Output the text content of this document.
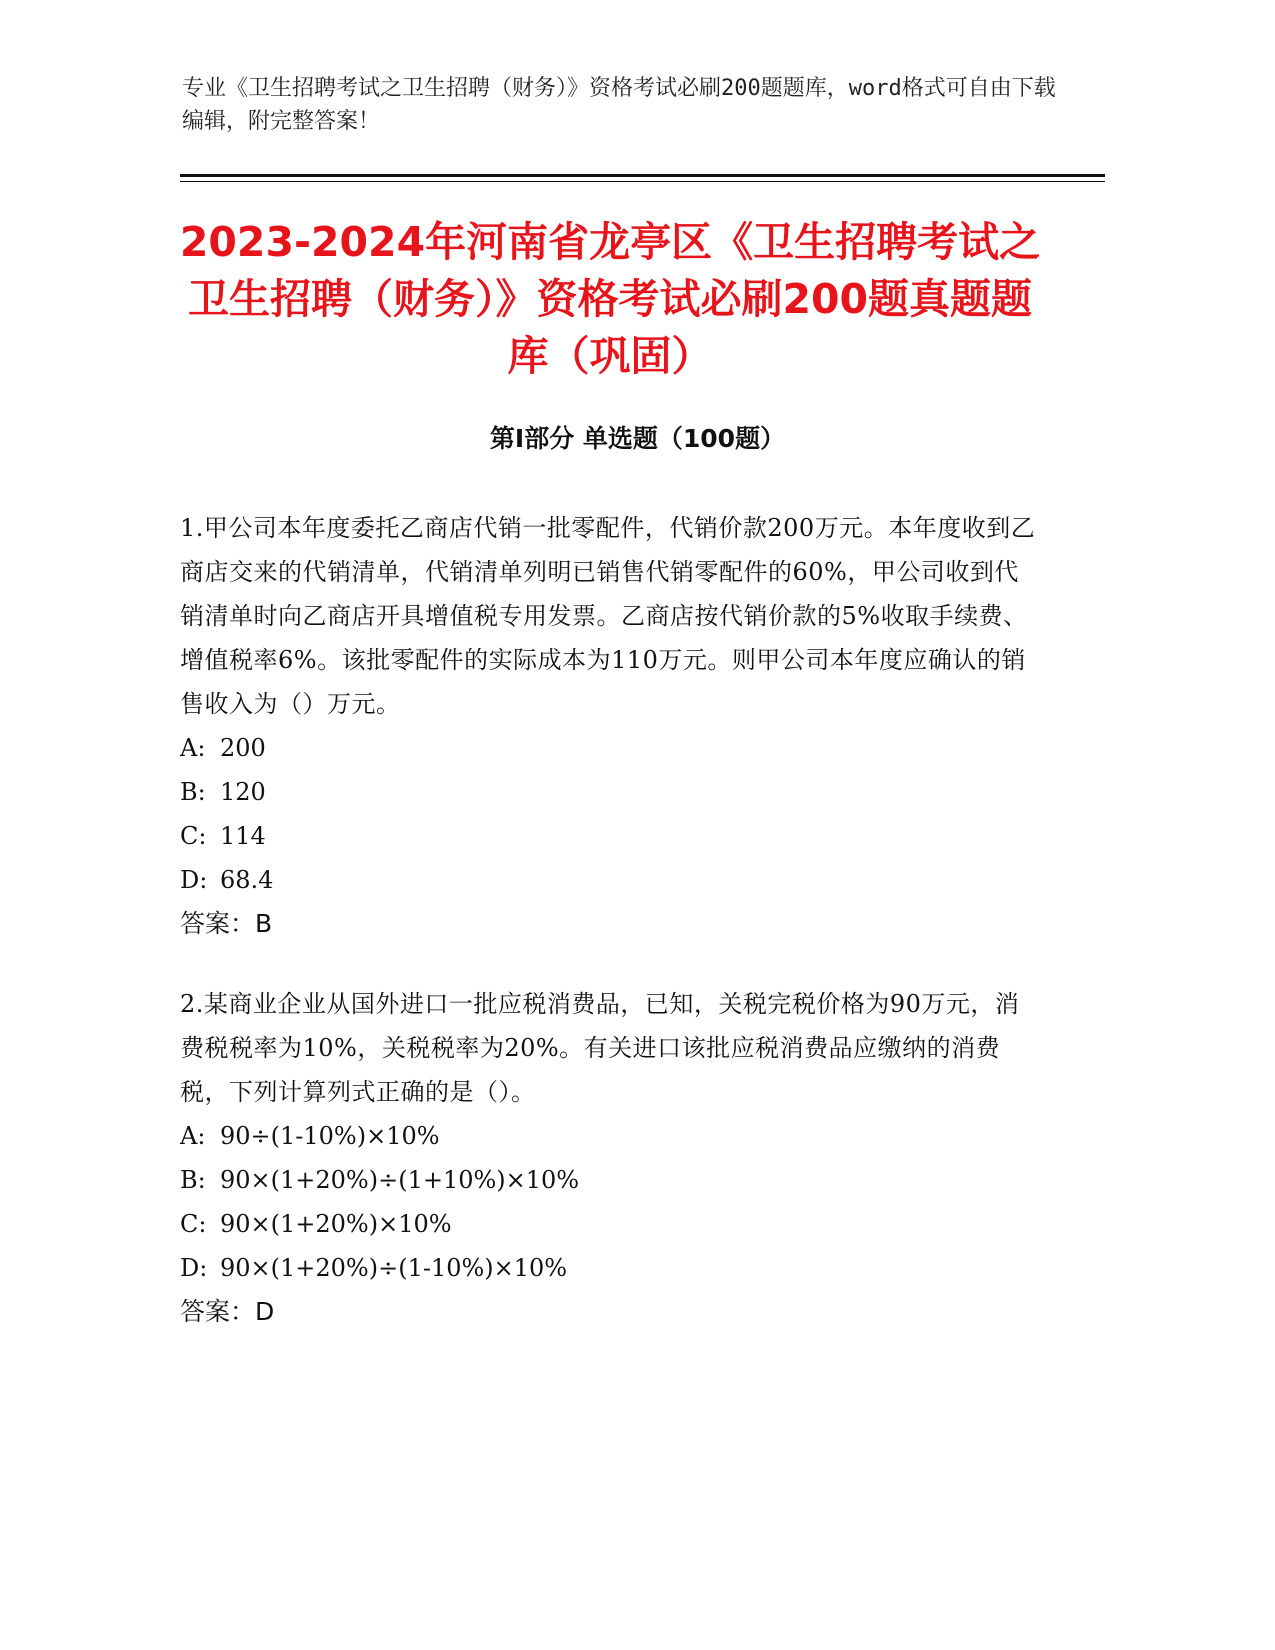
专业《卫生招聘考试之卫生招聘（财务）》资格考试必刷200题题库，word格式可自由下载编辑，附完整答案！

2023-2024年河南省龙亭区《卫生招聘考试之卫生招聘（财务）》资格考试必刷200题真题题库（巩固）
第Ⅰ部分 单选题（100题）

1.甲公司本年度委托乙商店代销一批零配件，代销价款200万元。本年度收到乙商店交来的代销清单，代销清单列明已销售代销零配件的60%，甲公司收到代销清单时向乙商店开具增值税专用发票。乙商店按代销价款的5%收取手续费、增值税率6%。该批零配件的实际成本为110万元。则甲公司本年度应确认的销售收入为（）万元。

A: 200
B: 120
C: 114
D: 68.4

答案：B

2.某商业企业从国外进口一批应税消费品，已知，关税完税价格为90万元，消费税税率为10%，关税税率为20%。有关进口该批应税消费品应缴纳的消费税，下列计算列式正确的是（）。

A: 90÷(1-10%)×10%
B: 90×(1+20%)÷(1+10%)×10%
C: 90×(1+20%)×10%
D: 90×(1+20%)÷(1-10%)×10%

答案：D
